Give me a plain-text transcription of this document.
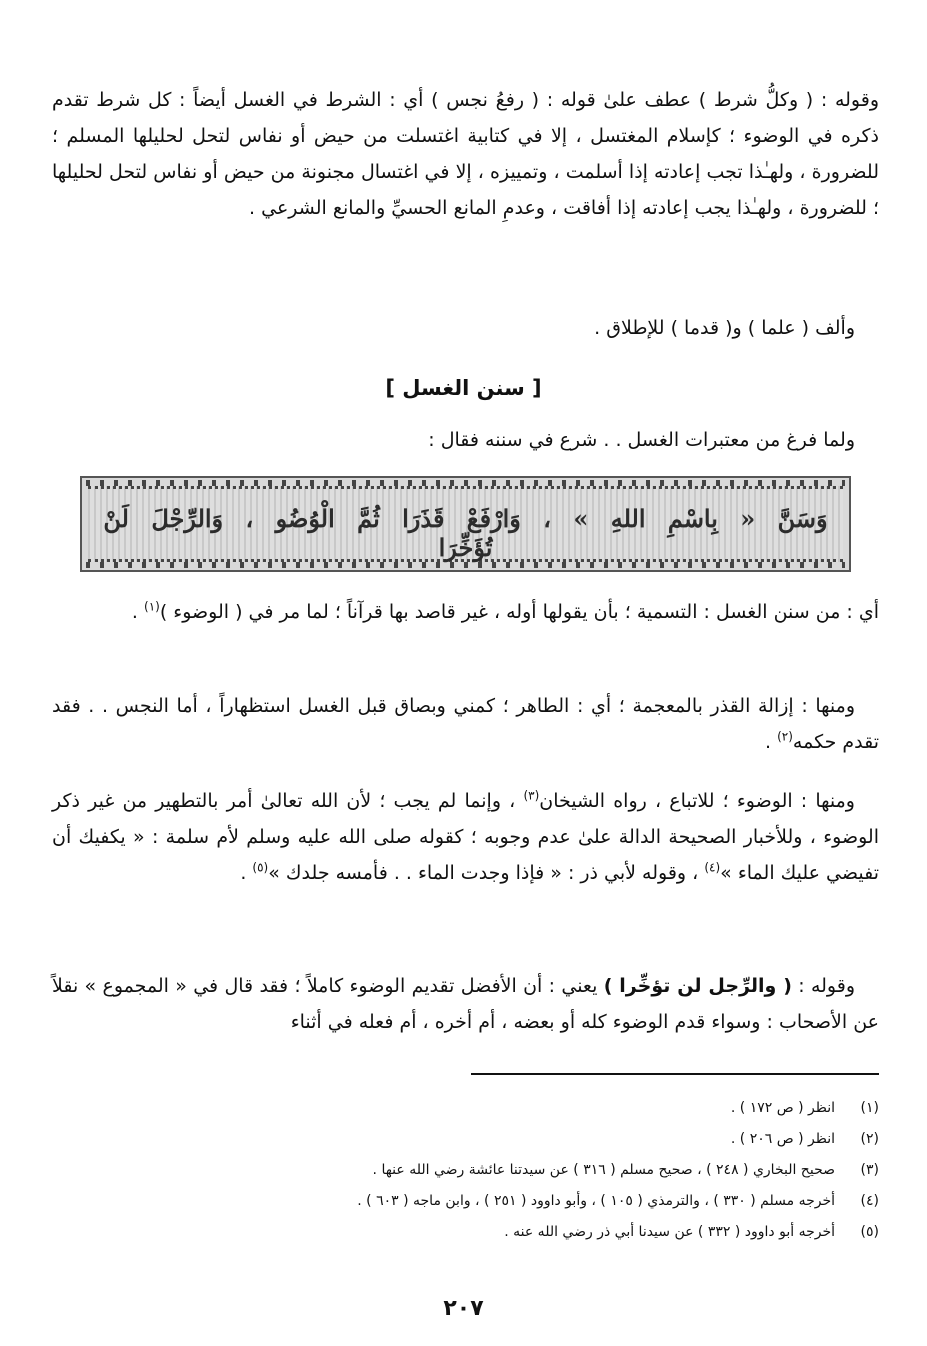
وقوله : ( وكلُّ شرط ) عطف علىٰ قوله : ( رفعُ نجس ) أي : الشرط في الغسل أيضاً : كل شرط تقدم ذكره في الوضوء ؛ كإسلام المغتسل ، إلا في كتابية اغتسلت من حيض أو نفاس لتحل لحليلها المسلم ؛ للضرورة ، ولهـٰذا تجب إعادته إذا أسلمت ، وتمييزه ، إلا في اغتسال مجنونة من حيض أو نفاس لتحل لحليلها ؛ للضرورة ، ولهـٰذا يجب إعادته إذا أفاقت ، وعدمِ المانع الحسيِّ والمانع الشرعي .
وألف ( علما ) و( قدما ) للإطلاق .
[ سنن الغسل ]
ولما فرغ من معتبرات الغسل . . شرع في سننه فقال :
وَسَنَّ « بِاسْمِ اللهِ » ، وَارْفَعْ قَذَرَا ثُمَّ الْوُضُو ، وَالرِّجْلَ لَنْ تُؤَخِّرَا
أي : من سنن الغسل : التسمية ؛ بأن يقولها أوله ، غير قاصد بها قرآناً ؛ لما مر في ( الوضوء )$^{(١)}$ .
ومنها : إزالة القذر بالمعجمة ؛ أي : الطاهر ؛ كمني وبصاق قبل الغسل استظهاراً ، أما النجس . . فقد تقدم حكمه$^{(٢)}$ .
ومنها : الوضوء ؛ للاتباع ، رواه الشيخان$^{(٣)}$ ، وإنما لم يجب ؛ لأن الله تعالىٰ أمر بالتطهير من غير ذكر الوضوء ، وللأخبار الصحيحة الدالة علىٰ عدم وجوبه ؛ كقوله صلى الله عليه وسلم لأم سلمة : « يكفيك أن تفيضي عليك الماء »$^{(٤)}$ ، وقوله لأبي ذر : « فإذا وجدت الماء . . فأمسه جلدك »$^{(٥)}$ .
وقوله : ( والرِّجل لن تؤخِّرا ) يعني : أن الأفضل تقديم الوضوء كاملاً ؛ فقد قال في « المجموع » نقلاً عن الأصحاب : وسواء قدم الوضوء كله أو بعضه ، أم أخره ، أم فعله في أثناء
(١)
انظر ( ص ١٧٢ ) .
(٢)
انظر ( ص ٢٠٦ ) .
(٣)
صحيح البخاري ( ٢٤٨ ) ، صحيح مسلم ( ٣١٦ ) عن سيدتنا عائشة رضي الله عنها .
(٤)
أخرجه مسلم ( ٣٣٠ ) ، والترمذي ( ١٠٥ ) ، وأبو داوود ( ٢٥١ ) ، وابن ماجه ( ٦٠٣ ) .
(٥)
أخرجه أبو داوود ( ٣٣٢ ) عن سيدنا أبي ذر رضي الله عنه .
٢٠٧
